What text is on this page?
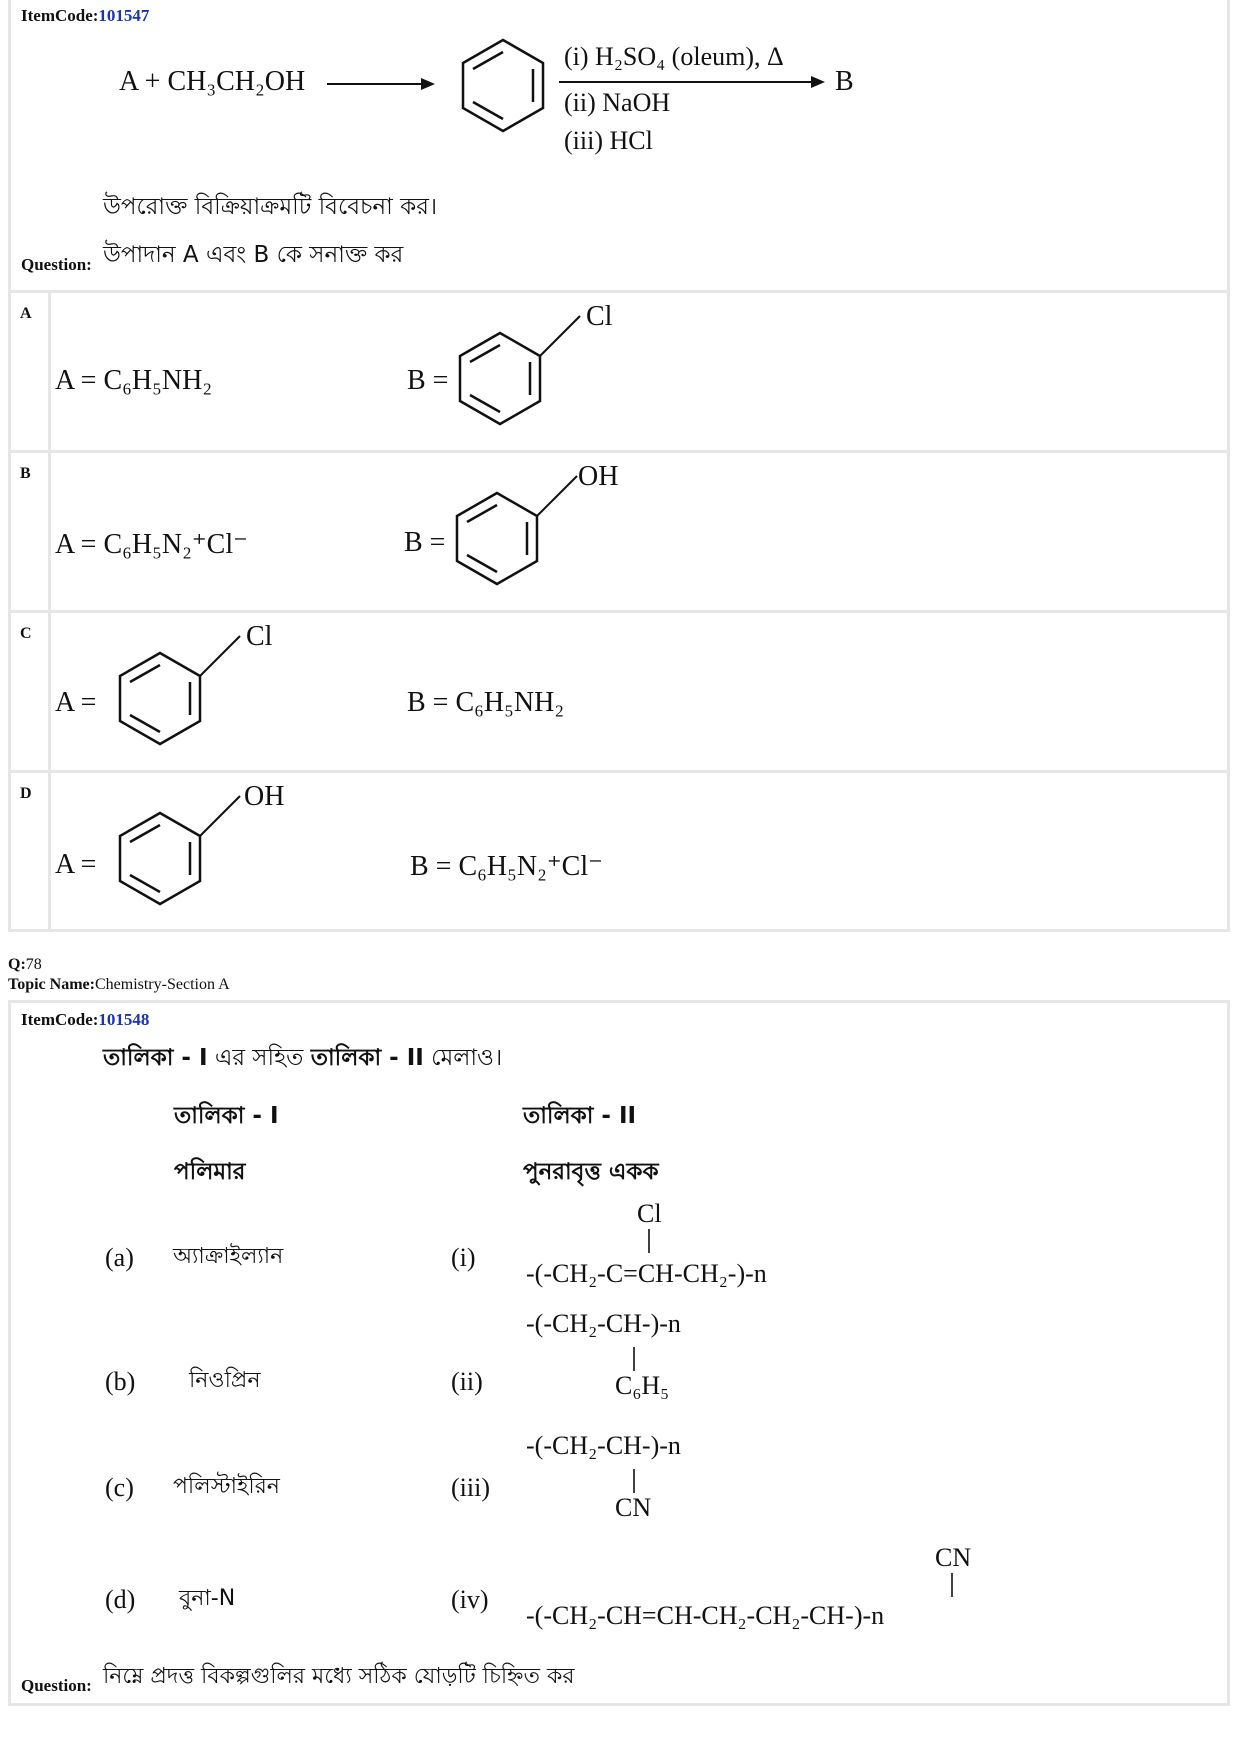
ItemCode:101547
A + CH₃CH₂OH
(i) H₂SO₄ (oleum), Δ
(ii) NaOH
(iii) HCl
B
উপরোক্ত বিক্রিয়াক্রমটি বিবেচনা কর।
Question: উপাদান A এবং B কে সনাক্ত কর
A
A = C₆H₅NH₂	B =
Cl
B
A = C₆H₅N₂⁺Cl⁻	B =
OH
C
A =
Cl
B = C₆H₅NH₂
D
A =
OH
B = C₆H₅N₂⁺Cl⁻
Q:78
Topic Name:Chemistry-Section A
ItemCode:101548
তালিকা - I এর সহিত তালিকা - II মেলাও।
তালিকা - I	তালিকা - II
পলিমার	পুনরাবৃত্ত একক
(a) অ্যাক্রাইল্যান	(i)
Cl
-(-CH₂-C=CH-CH₂-)-n
(b) নিওপ্রিন	(ii)
-(-CH₂-CH-)-n
C₆H₅
(c) পলিস্টাইরিন	(iii)
-(-CH₂-CH-)-n
CN
(d) বুনা-N	(iv)
CN
-(-CH₂-CH=CH-CH₂-CH₂-CH-)-n
Question: নিম্নে প্রদত্ত বিকল্পগুলির মধ্যে সঠিক যোড়টি চিহ্নিত কর
